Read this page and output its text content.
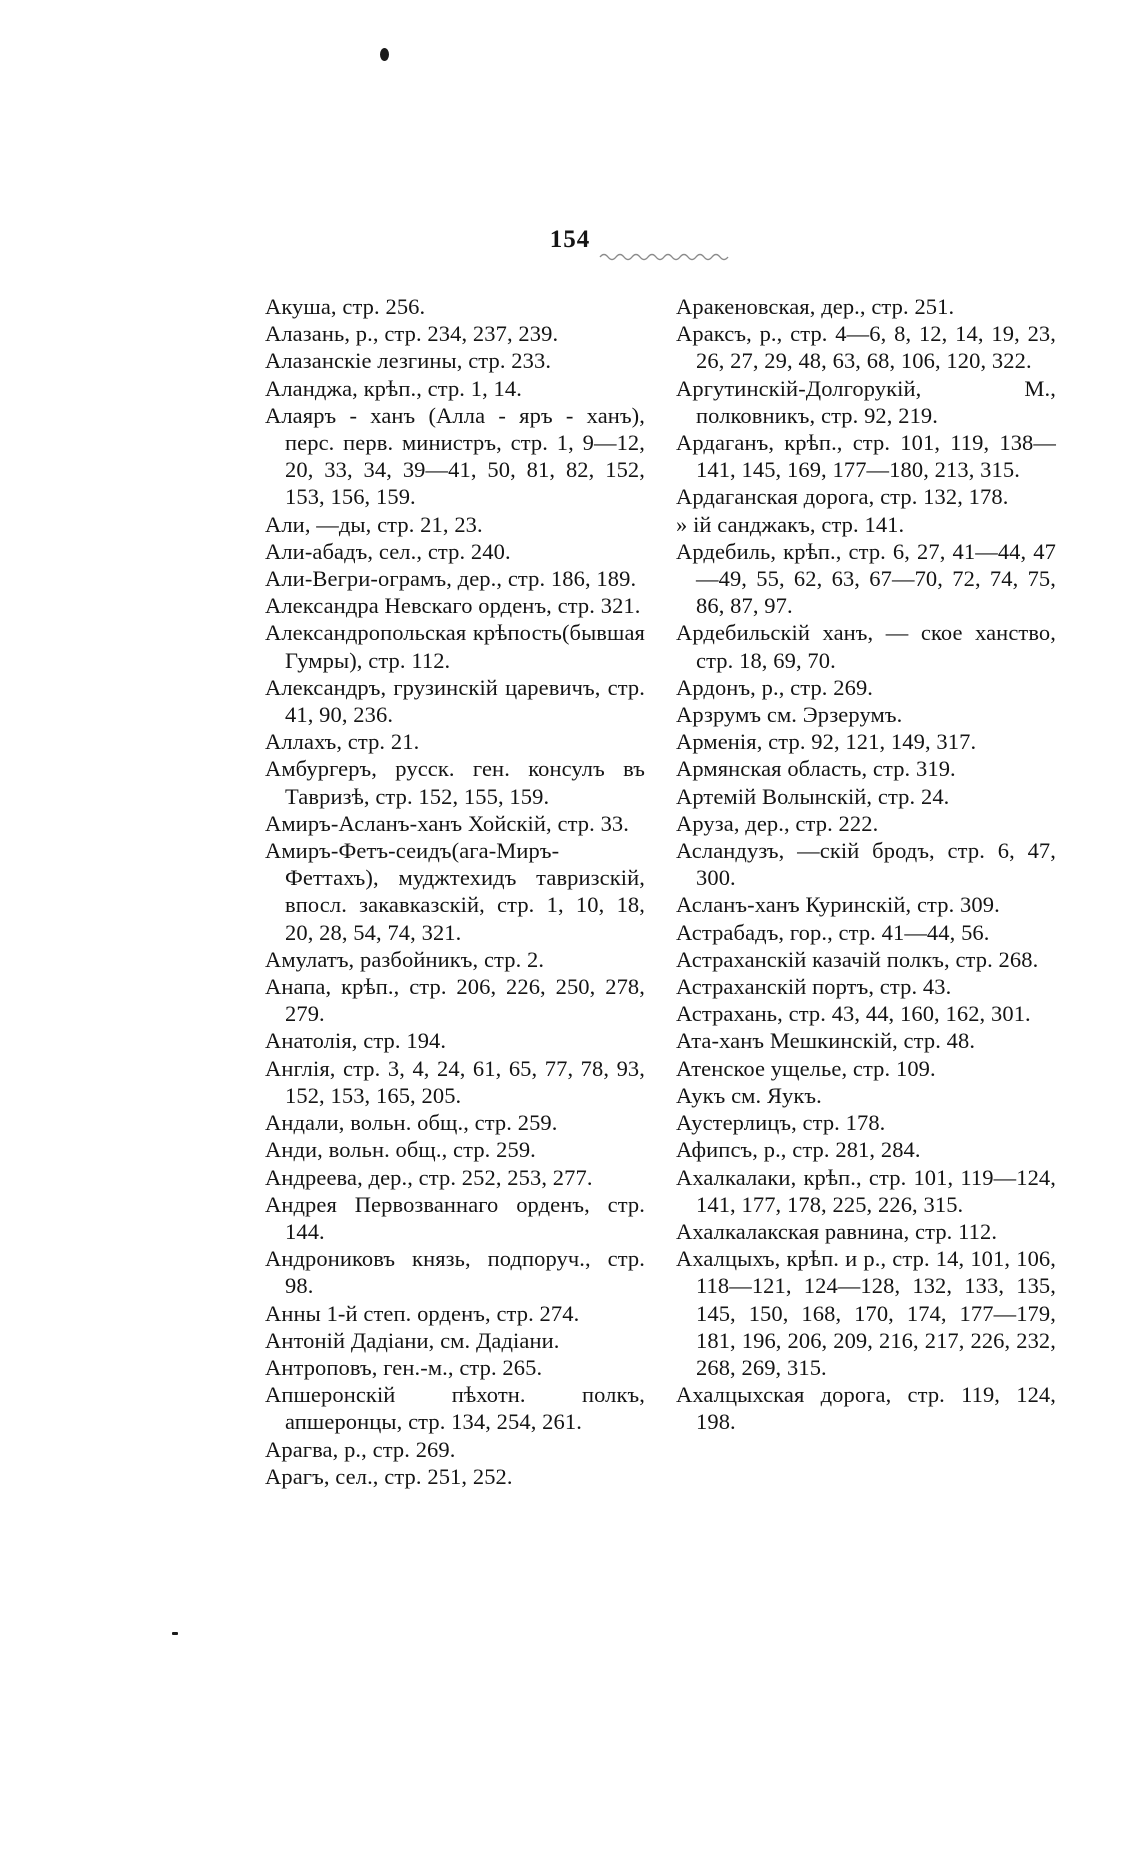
154
Акуша, стр. 256.
Алазань, р., стр. 234, 237, 239.
Алазанскіе лезгины, стр. 233.
Аланджа, крѣп., стр. 1, 14.
Алаяръ - ханъ (Алла - яръ - ханъ), перс. перв. министръ, стр. 1, 9—12, 20, 33, 34, 39—41, 50, 81, 82, 152, 153, 156, 159.
Али, —ды, стр. 21, 23.
Али-абадъ, сел., стр. 240.
Али-Вегри-ограмъ, дер., стр. 186, 189.
Александра Невскаго орденъ, стр. 321.
Александропольская крѣпость(бывшая Гумры), стр. 112.
Александръ, грузинскій царевичъ, стр. 41, 90, 236.
Аллахъ, стр. 21.
Амбургеръ, русск. ген. консулъ въ Тавризѣ, стр. 152, 155, 159.
Амиръ-Асланъ-ханъ Хойскій, стр. 33.
Амиръ-Фетъ-сеидъ(ага-Миръ-Феттахъ), муджтехидъ тавризскій, впосл. закавказскій, стр. 1, 10, 18, 20, 28, 54, 74, 321.
Амулатъ, разбойникъ, стр. 2.
Анапа, крѣп., стр. 206, 226, 250, 278, 279.
Анатолія, стр. 194.
Англія, стр. 3, 4, 24, 61, 65, 77, 78, 93, 152, 153, 165, 205.
Андали, вольн. общ., стр. 259.
Анди, вольн. общ., стр. 259.
Андреева, дер., стр. 252, 253, 277.
Андрея Первозваннаго орденъ, стр. 144.
Андрониковъ князь, подпоруч., стр. 98.
Анны 1-й степ. орденъ, стр. 274.
Антоній Дадіани, см. Дадіани.
Антроповъ, ген.-м., стр. 265.
Апшеронскій пѣхотн. полкъ, апшеронцы, стр. 134, 254, 261.
Арагва, р., стр. 269.
Арагъ, сел., стр. 251, 252.
Аракеновская, дер., стр. 251.
Араксъ, р., стр. 4—6, 8, 12, 14, 19, 23, 26, 27, 29, 48, 63, 68, 106, 120, 322.
Аргутинскій-Долгорукій, М., полковникъ, стр. 92, 219.
Ардаганъ, крѣп., стр. 101, 119, 138—141, 145, 169, 177—180, 213, 315.
Ардаганская дорога, стр. 132, 178.
» ій санджакъ, стр. 141.
Ардебиль, крѣп., стр. 6, 27, 41—44, 47—49, 55, 62, 63, 67—70, 72, 74, 75, 86, 87, 97.
Ардебильскій ханъ, — ское ханство, стр. 18, 69, 70.
Ардонъ, р., стр. 269.
Арзрумъ см. Эрзерумъ.
Арменія, стр. 92, 121, 149, 317.
Армянская область, стр. 319.
Артемій Волынскій, стр. 24.
Аруза, дер., стр. 222.
Асландузъ, —скій бродъ, стр. 6, 47, 300.
Асланъ-ханъ Куринскій, стр. 309.
Астрабадъ, гор., стр. 41—44, 56.
Астраханскій казачій полкъ, стр. 268.
Астраханскій портъ, стр. 43.
Астрахань, стр. 43, 44, 160, 162, 301.
Ата-ханъ Мешкинскій, стр. 48.
Атенское ущелье, стр. 109.
Аукъ см. Яукъ.
Аустерлицъ, стр. 178.
Афипсъ, р., стр. 281, 284.
Ахалкалаки, крѣп., стр. 101, 119—124, 141, 177, 178, 225, 226, 315.
Ахалкалакская равнина, стр. 112.
Ахалцыхъ, крѣп. и р., стр. 14, 101, 106, 118—121, 124—128, 132, 133, 135, 145, 150, 168, 170, 174, 177—179, 181, 196, 206, 209, 216, 217, 226, 232, 268, 269, 315.
Ахалцыхская дорога, стр. 119, 124, 198.
